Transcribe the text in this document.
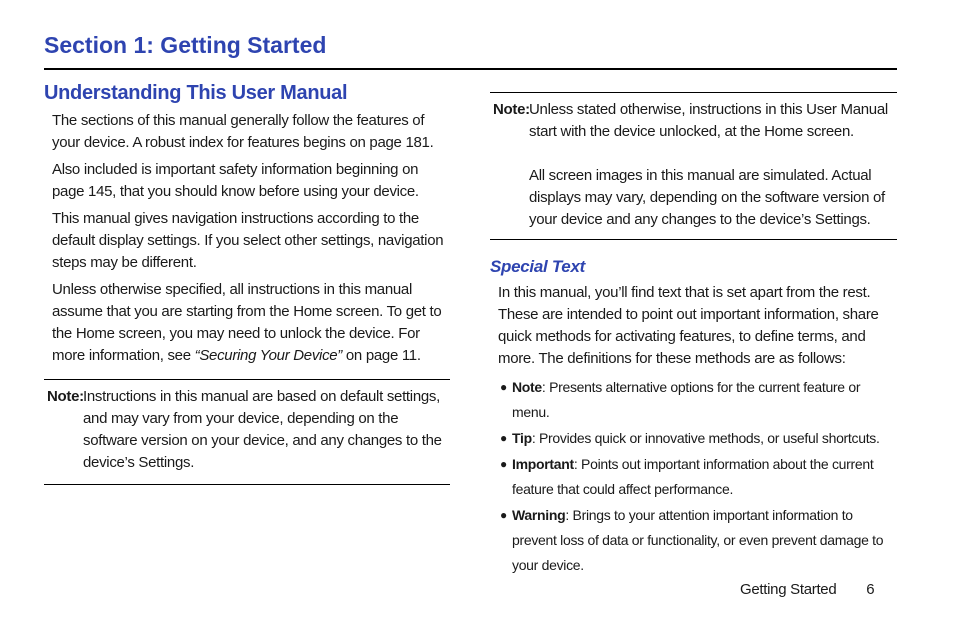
Section 1: Getting Started
Understanding This User Manual

The sections of this manual generally follow the features of your device. A robust index for features begins on page 181.

Also included is important safety information beginning on page 145, that you should know before using your device.

This manual gives navigation instructions according to the default display settings. If you select other settings, navigation steps may be different.

Unless otherwise specified, all instructions in this manual assume that you are starting from the Home screen. To get to the Home screen, you may need to unlock the device. For more information, see “Securing Your Device” on page 11.

Note: Instructions in this manual are based on default settings, and may vary from your device, depending on the software version on your device, and any changes to the device’s Settings.

Note: Unless stated otherwise, instructions in this User Manual start with the device unlocked, at the Home screen.

All screen images in this manual are simulated. Actual displays may vary, depending on the software version of your device and any changes to the device’s Settings.

Special Text

In this manual, you’ll find text that is set apart from the rest. These are intended to point out important information, share quick methods for activating features, to define terms, and more. The definitions for these methods are as follows:

● Note: Presents alternative options for the current feature or menu.
● Tip: Provides quick or innovative methods, or useful shortcuts.
● Important: Points out important information about the current feature that could affect performance.
● Warning: Brings to your attention important information to prevent loss of data or functionality, or even prevent damage to your device.
Getting Started 6
